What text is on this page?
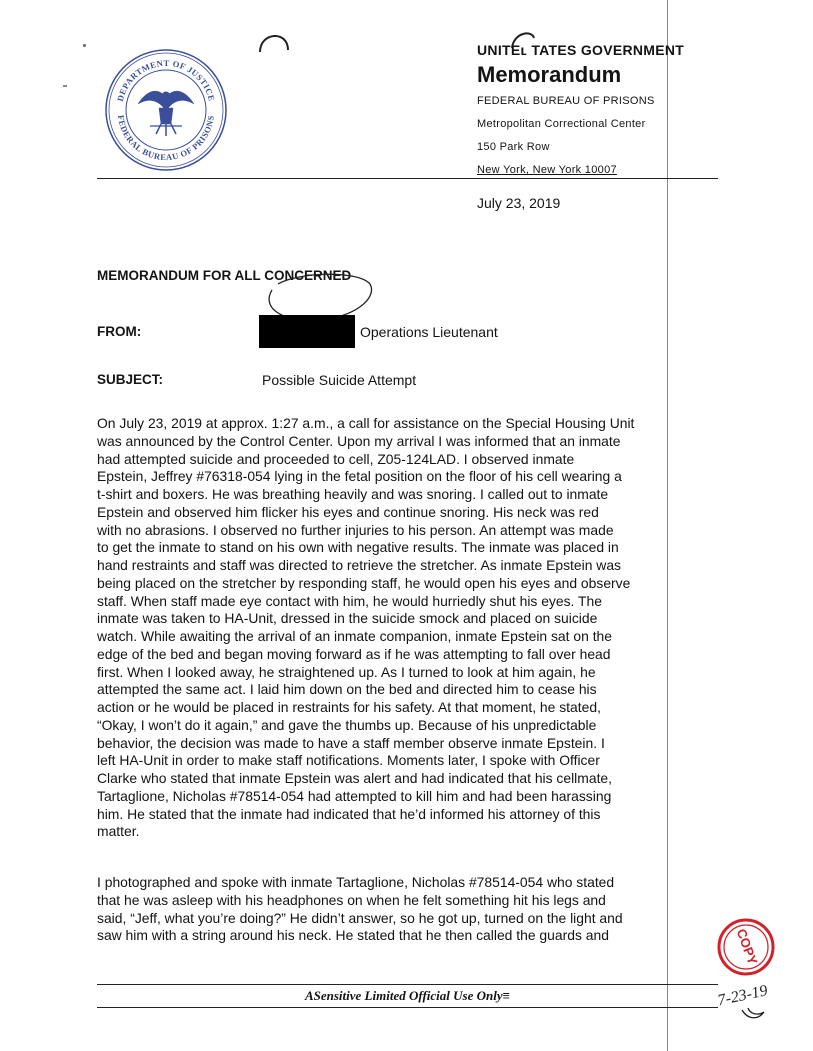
DEPARTMENT OF JUSTICE
FEDERAL BUREAU OF PRISONS
UNITEʟ TATES GOVERNMENT
Memorandum
FEDERAL BUREAU OF PRISONS
Metropolitan Correctional Center
150 Park Row
New York, New York 10007
July 23, 2019
MEMORANDUM FOR ALL CONCERNED
FROM:	Operations Lieutenant
SUBJECT:	Possible Suicide Attempt
On July 23, 2019 at approx. 1:27 a.m., a call for assistance on the Special Housing Unit
was announced by the Control Center. Upon my arrival I was informed that an inmate
had attempted suicide and proceeded to cell, Z05-124LAD. I observed inmate
Epstein, Jeffrey #76318-054 lying in the fetal position on the floor of his cell wearing a
t-shirt and boxers. He was breathing heavily and was snoring. I called out to inmate
Epstein and observed him flicker his eyes and continue snoring. His neck was red
with no abrasions. I observed no further injuries to his person. An attempt was made
to get the inmate to stand on his own with negative results. The inmate was placed in
hand restraints and staff was directed to retrieve the stretcher. As inmate Epstein was
being placed on the stretcher by responding staff, he would open his eyes and observe
staff. When staff made eye contact with him, he would hurriedly shut his eyes. The
inmate was taken to HA-Unit, dressed in the suicide smock and placed on suicide
watch. While awaiting the arrival of an inmate companion, inmate Epstein sat on the
edge of the bed and began moving forward as if he was attempting to fall over head
first. When I looked away, he straightened up. As I turned to look at him again, he
attempted the same act. I laid him down on the bed and directed him to cease his
action or he would be placed in restraints for his safety. At that moment, he stated,
“Okay, I won’t do it again,” and gave the thumbs up. Because of his unpredictable
behavior, the decision was made to have a staff member observe inmate Epstein. I
left HA-Unit in order to make staff notifications. Moments later, I spoke with Officer
Clarke who stated that inmate Epstein was alert and had indicated that his cellmate,
Tartaglione, Nicholas #78514-054 had attempted to kill him and had been harassing
him. He stated that the inmate had indicated that he’d informed his attorney of this
matter.
I photographed and spoke with inmate Tartaglione, Nicholas #78514-054 who stated
that he was asleep with his headphones on when he felt something hit his legs and
said, “Jeff, what you’re doing?” He didn’t answer, so he got up, turned on the light and
saw him with a string around his neck. He stated that he then called the guards and
ASensitive Limited Official Use Only≡
COPY
7-23-19
